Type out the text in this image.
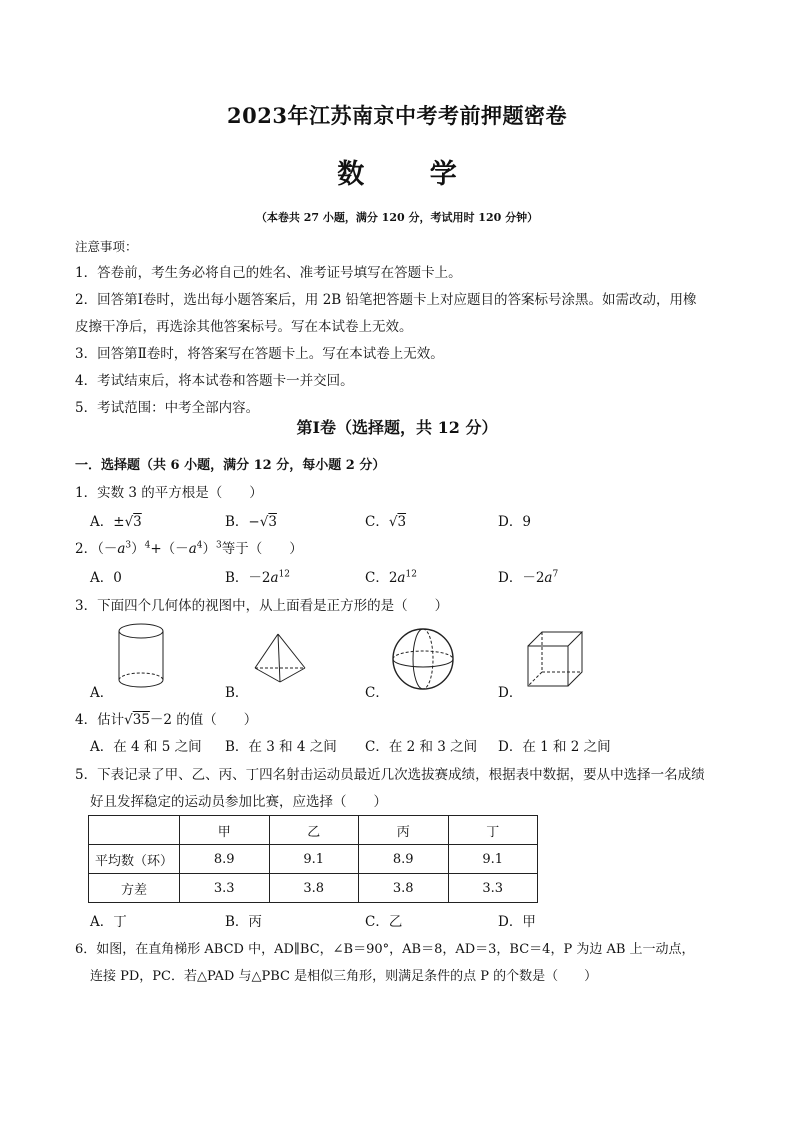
2023年江苏南京中考考前押题密卷
数 学
（本卷共 27 小题，满分 120 分，考试用时 120 分钟）
注意事项：
1．答卷前，考生务必将自己的姓名、准考证号填写在答题卡上。
2．回答第Ⅰ卷时，选出每小题答案后，用 2B 铅笔把答题卡上对应题目的答案标号涂黑。如需改动，用橡
皮擦干净后，再选涂其他答案标号。写在本试卷上无效。
3．回答第Ⅱ卷时，将答案写在答题卡上。写在本试卷上无效。
4．考试结束后，将本试卷和答题卡一并交回。
5．考试范围：中考全部内容。
第Ⅰ卷（选择题，共 12 分）
一．选择题（共 6 小题，满分 12 分，每小题 2 分）
1．实数 3 的平方根是（　　）
A．±√3	B．−√3	C．√3	D．9
2．$(-a^3)^4+(-a^4)^3$等于（　　）
A．0	B．$-2a^{12}$	C．$2a^{12}$	D．$-2a^7$
3．下面四个几何体的视图中，从上面看是正方形的是（　　）
A．	B．	C．	D．
4．估计√35－2 的值（　　）
A．在 4 和 5 之间 B．在 3 和 4 之间 C．在 2 和 3 之间 D．在 1 和 2 之间
5．下表记录了甲、乙、丙、丁四名射击运动员最近几次选拔赛成绩，根据表中数据，要从中选择一名成绩
好且发挥稳定的运动员参加比赛，应选择（　　）
	甲	乙	丙	丁
平均数（环）	8.9	9.1	8.9	9.1
方差	3.3	3.8	3.8	3.3
A．丁	B．丙	C．乙	D．甲
6．如图，在直角梯形 ABCD 中，AD∥BC，∠B＝90°，AB＝8，AD＝3，BC＝4，P 为边 AB 上一动点，
连接 PD，PC．若△PAD 与△PBC 是相似三角形，则满足条件的点 P 的个数是（　　）
